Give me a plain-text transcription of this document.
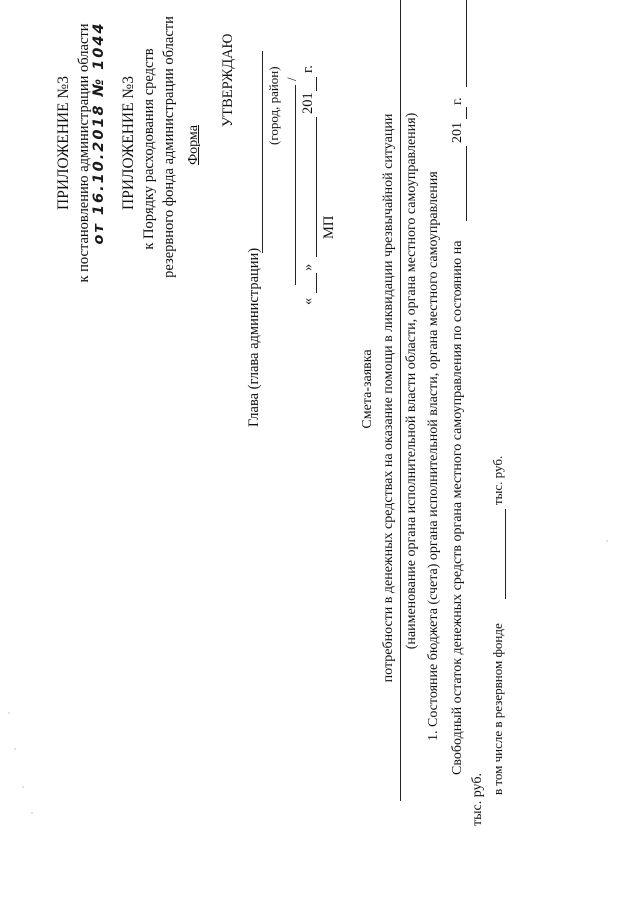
ПРИЛОЖЕНИЕ №3 к постановлению администрации области от 16.10.2018 № 1044 ПРИЛОЖЕНИЕ №3 к Порядку расходования средств резервного фонда администрации области Форма
УТВЕРЖДАЮ
Глава (глава администрации)
(город, район) /
«
»
201
г.
МП
Смета-заявка потребности в денежных средствах на оказание помощи в ликвидации чрезвычайной ситуации (наименование органа исполнительной власти области, органа местного самоуправления) 1. Состояние бюджета (счета) органа исполнительной власти, органа местного самоуправления Свободный остаток денежных средств органа местного самоуправления по состоянию на
201
г.
тыс. руб.
в том числе в резервном фонде
тыс. руб.
